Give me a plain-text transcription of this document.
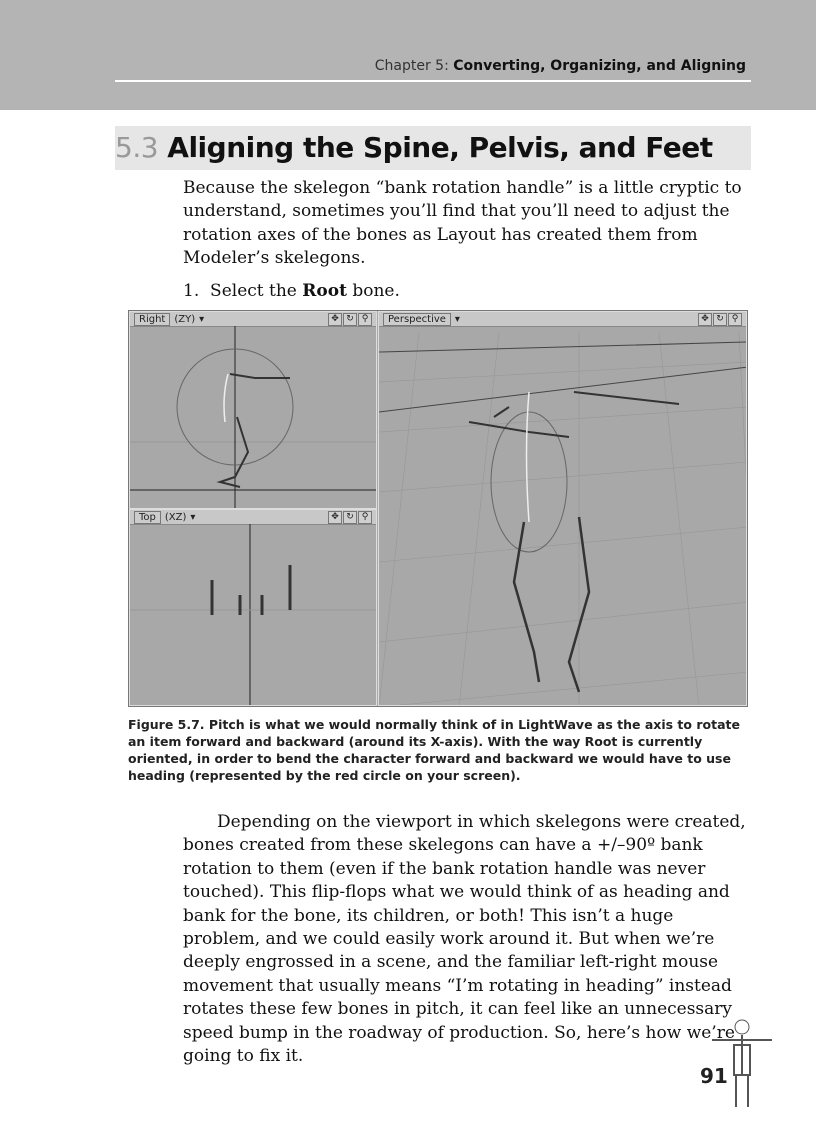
Chapter 5: Converting, Organizing, and Aligning
5.3 Aligning the Spine, Pelvis, and Feet
Because the skelegon “bank rotation handle” is a little cryptic to understand, sometimes you’ll find that you’ll need to adjust the rotation axes of the bones as Layout has created them from Modeler’s skelegons.
1. Select the Root bone.
Right (ZY) ▾	✥ ↻ ⚲
Top (XZ) ▾	✥ ↻ ⚲
Perspective ▾	✥ ↻ ⚲
Figure 5.7. Pitch is what we would normally think of in LightWave as the axis to rotate an item forward and backward (around its X-axis). With the way Root is currently oriented, in order to bend the character forward and backward we would have to use heading (represented by the red circle on your screen).
Depending on the viewport in which skelegons were created, bones created from these skelegons can have a +/–90º bank rotation to them (even if the bank rotation handle was never touched). This flip-flops what we would think of as heading and bank for the bone, its children, or both! This isn’t a huge problem, and we could easily work around it. But when we’re deeply engrossed in a scene, and the familiar left-right mouse movement that usually means “I’m rotating in heading” instead rotates these few bones in pitch, it can feel like an unnecessary speed bump in the roadway of production. So, here’s how we’re going to fix it.
91
